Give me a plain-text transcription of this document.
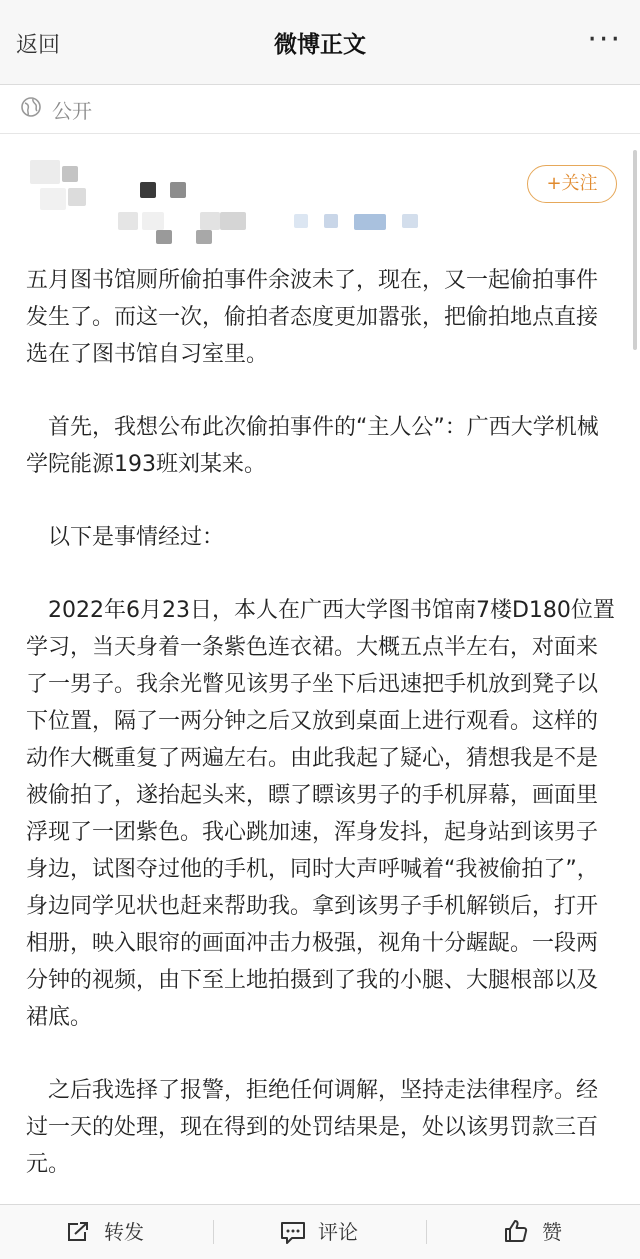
返回	微博正文	···
公开
+关注

五月图书馆厕所偷拍事件余波未了，现在，又一起偷拍事件发生了。而这一次，偷拍者态度更加嚣张，把偷拍地点直接选在了图书馆自习室里。

首先，我想公布此次偷拍事件的“主人公”：广西大学机械学院能源193班刘某来。

以下是事情经过：

2022年6月23日，本人在广西大学图书馆南7楼D180位置学习，当天身着一条紫色连衣裙。大概五点半左右，对面来了一男子。我余光瞥见该男子坐下后迅速把手机放到凳子以下位置，隔了一两分钟之后又放到桌面上进行观看。这样的动作大概重复了两遍左右。由此我起了疑心，猜想我是不是被偷拍了，遂抬起头来，瞟了瞟该男子的手机屏幕，画面里浮现了一团紫色。我心跳加速，浑身发抖，起身站到该男子身边，试图夺过他的手机，同时大声呼喊着“我被偷拍了”，身边同学见状也赶来帮助我。拿到该男子手机解锁后，打开相册，映入眼帘的画面冲击力极强，视角十分龌龊。一段两分钟的视频，由下至上地拍摄到了我的小腿、大腿根部以及裙底。

之后我选择了报警，拒绝任何调解，坚持走法律程序。经过一天的处理，现在得到的处罚结果是，处以该男罚款三百元。

转发	评论	赞
